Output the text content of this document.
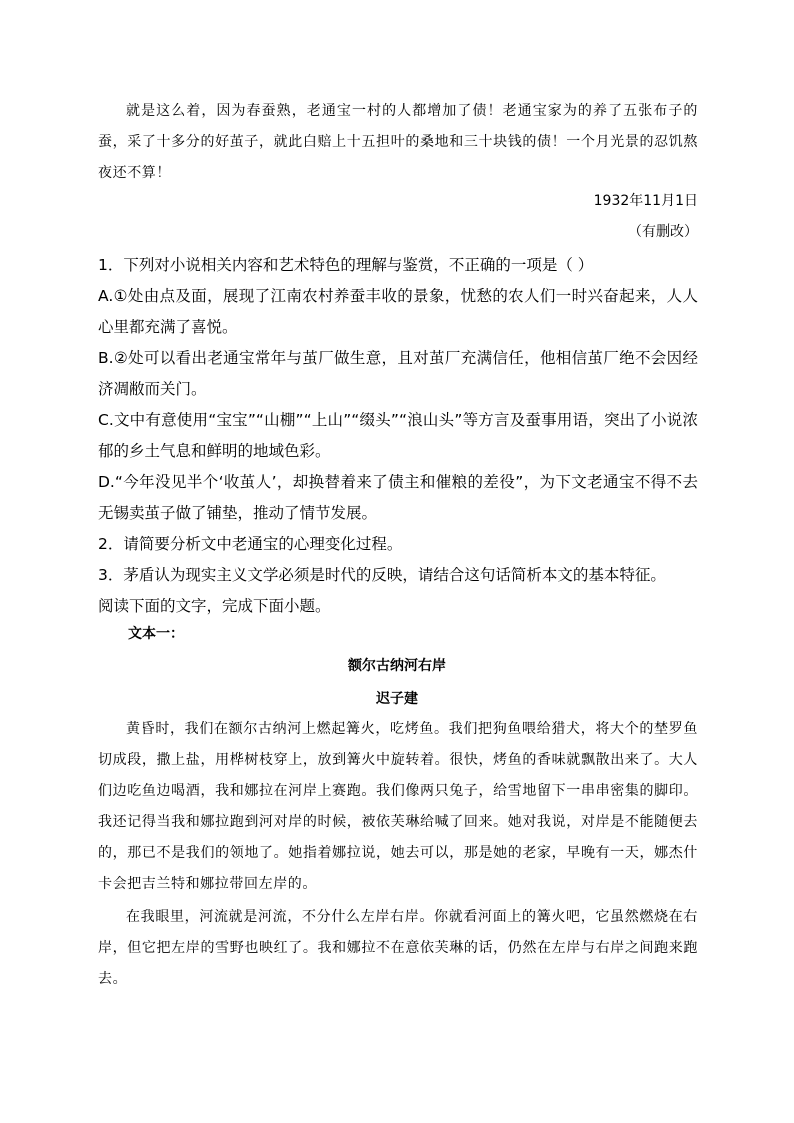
就是这么着，因为春蚕熟，老通宝一村的人都增加了债！老通宝家为的养了五张布子的蚕，采了十多分的好茧子，就此白赔上十五担叶的桑地和三十块钱的债！一个月光景的忍饥熬夜还不算！

1932年11月1日
（有删改）
1．下列对小说相关内容和艺术特色的理解与鉴赏，不正确的一项是（ ）
A.①处由点及面，展现了江南农村养蚕丰收的景象，忧愁的农人们一时兴奋起来，人人心里都充满了喜悦。
B.②处可以看出老通宝常年与茧厂做生意，且对茧厂充满信任，他相信茧厂绝不会因经济凋敝而关门。
C.文中有意使用“宝宝”“山棚”“上山”“缀头”“浪山头”等方言及蚕事用语，突出了小说浓郁的乡土气息和鲜明的地域色彩。
D.“今年没见半个‘收茧人’，却换替着来了债主和催粮的差役”，为下文老通宝不得不去无锡卖茧子做了铺垫，推动了情节发展。
2．请简要分析文中老通宝的心理变化过程。
3．茅盾认为现实主义文学必须是时代的反映，请结合这句话简析本文的基本特征。
阅读下面的文字，完成下面小题。
文本一：
额尔古纳河右岸
迟子建

黄昏时，我们在额尔古纳河上燃起篝火，吃烤鱼。我们把狗鱼喂给猎犬，将大个的埜罗鱼切成段，撒上盐，用桦树枝穿上，放到篝火中旋转着。很快，烤鱼的香味就飘散出来了。大人们边吃鱼边喝酒，我和娜拉在河岸上赛跑。我们像两只兔子，给雪地留下一串串密集的脚印。我还记得当我和娜拉跑到河对岸的时候，被依芙琳给喊了回来。她对我说，对岸是不能随便去的，那已不是我们的领地了。她指着娜拉说，她去可以，那是她的老家，早晚有一天，娜杰什卡会把吉兰特和娜拉带回左岸的。

在我眼里，河流就是河流，不分什么左岸右岸。你就看河面上的篝火吧，它虽然燃烧在右岸，但它把左岸的雪野也映红了。我和娜拉不在意依芙琳的话，仍然在左岸与右岸之间跑来跑去。
